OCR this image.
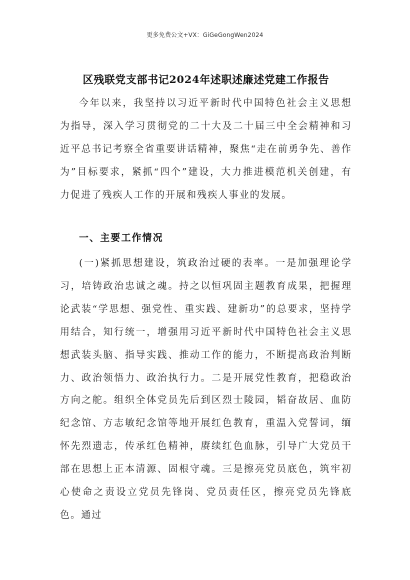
更多免费公文+VX：GiGeGongWen2024
区残联党支部书记2024年述职述廉述党建工作报告

今年以来，我坚持以习近平新时代中国特色社会主义思想为指导，深入学习贯彻党的二十大及二十届三中全会精神和习近平总书记考察全省重要讲话精神，聚焦“走在前勇争先、善作为”目标要求，紧抓“四个”建设，大力推进模范机关创建，有力促进了残疾人工作的开展和残疾人事业的发展。

一、主要工作情况

(一)紧抓思想建设，筑政治过硬的表率。一是加强理论学习，培铸政治忠诚之魂。持之以恒巩固主题教育成果，把握理论武装“学思想、强党性、重实践、建新功”的总要求，坚持学用结合，知行统一，增强用习近平新时代中国特色社会主义思想武装头脑、指导实践、推动工作的能力，不断提高政治判断力、政治领悟力、政治执行力。二是开展党性教育，把稳政治方向之舵。组织全体党员先后到区烈士陵园，韬奋故居、血防纪念馆、方志敏纪念馆等地开展红色教育，重温入党誓词，缅怀先烈遗志，传承红色精神，赓续红色血脉，引导广大党员干部在思想上正本清源、固根守魂。三是擦亮党员底色，筑牢初心使命之责设立党员先锋岗、党员责任区，擦亮党员先锋底色。通过
